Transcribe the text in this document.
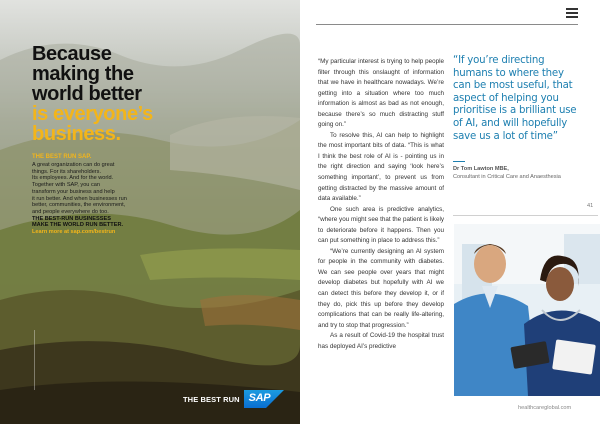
Because
making the
world better
is everyone’s
business.
THE BEST RUN SAP.

A great organization can do great

things. For its shareholders.

Its employees. And for the world.

Together with SAP, you can

transform your business and help

it run better. And when businesses run

better, communities, the environment,

and people everywhere do too.

THE BEST-RUN BUSINESSES
MAKE THE WORLD RUN BETTER.
Learn more at sap.com/bestrun
THE BEST RUN SAP

“My particular interest is trying to help people filter through this onslaught of information that we have in healthcare nowadays. We’re getting into a situation where too much information is almost as bad as not enough, because there’s so much distracting stuff going on.”

To resolve this, AI can help to highlight the most important bits of data. “This is what I think the best role of AI is - pointing us in the right direction and saying ‘look here’s something important’, to prevent us from getting distracted by the massive amount of data available.”

One such area is predictive analytics, “where you might see that the patient is likely to deteriorate before it happens. Then you can put something in place to address this.”

“We’re currently designing an AI system for people in the community with diabetes. We can see people over years that might develop diabetes but hopefully with AI we can detect this before they develop it, or if they do, pick this up before they develop complications that can be really life-altering, and try to stop that progression.”

As a result of Covid-19 the hospital trust has deployed AI’s predictive

“If you’re directing humans to where they can be most useful, that aspect of helping you prioritise is a brilliant use of AI, and will hopefully save us a lot of time”
Dr Tom Lawton MBE,
Consultant in Critical Care and Anaesthesia
41
healthcareglobal.com
